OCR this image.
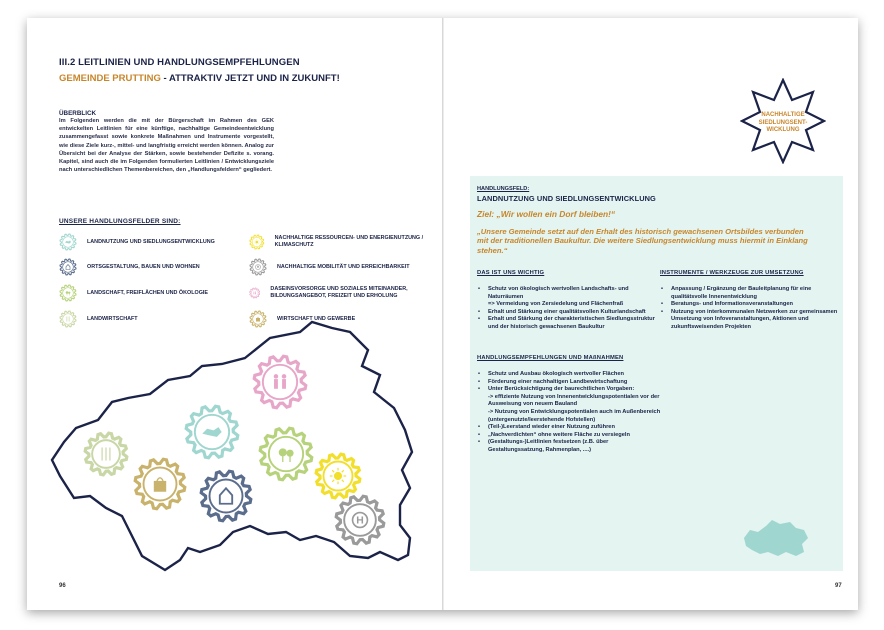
III.2 LEITLINIEN UND HANDLUNGSEMPFEHLUNGEN
GEMEINDE PRUTTING - ATTRAKTIV JETZT UND IN ZUKUNFT!
ÜBERBLICK
Im Folgenden werden die mit der Bürgerschaft im Rahmen des GEK entwickelten Leitlinien für eine künftige, nachhaltige Gemeindeentwicklung zusammengefasst sowie konkrete Maßnahmen und Instrumente vorgestellt, wie diese Ziele kurz-, mittel- und langfristig erreicht werden können. Analog zur Übersicht bei der Analyse der Stärken, sowie bestehender Defizite s. vorang. Kapitel, sind auch die im Folgenden formulierten Leitlinien / Entwicklungsziele nach unterschiedlichen Themenbereichen, den „Handlungsfeldern“ gegliedert.
UNSERE HANDLUNGSFELDER SIND:
LANDNUTZUNG UND SIEDLUNGSENTWICKLUNG
NACHHALTIGE RESSOURCEN- UND ENERGIENUTZUNG / KLIMASCHUTZ
ORTSGESTALTUNG, BAUEN UND WOHNEN	H	NACHHALTIGE MOBILITÄT UND ERREICHBARKEIT
LANDSCHAFT, FREIFLÄCHEN UND ÖKOLOGIE
DASEINSVORSORGE UND SOZIALES MITEINANDER, BILDUNGSANGEBOT, FREIZEIT UND ERHOLUNG
LANDWIRTSCHAFT	WIRTSCHAFT UND GEWERBE
H
96
NACHHALTIGE SIEDLUNGSENT-WICKLUNG
HANDLUNGSFELD:
LANDNUTZUNG UND SIEDLUNGSENTWICKLUNG
Ziel: „Wir wollen ein Dorf bleiben!“
„Unsere Gemeinde setzt auf den Erhalt des historisch gewachsenen Ortsbildes verbunden mit der traditionellen Baukultur. Die weitere Siedlungsentwicklung muss hiermit in Einklang stehen.“
DAS IST UNS WICHTIG
• Schutz von ökologisch wertvollen Landschafts- und Naturräumen
=> Vermeidung von Zersiedelung und Flächenfraß
• Erhalt und Stärkung einer qualitätsvollen Kulturlandschaft
• Erhalt und Stärkung der charakteristischen Siedlungsstruktur und der historisch gewachsenen Baukultur
HANDLUNGSEMPFEHLUNGEN UND MAßNAHMEN
• Schutz und Ausbau ökologisch wertvoller Flächen
• Förderung einer nachhaltigen Landbewirtschaftung
• Unter Berücksichtigung der baurechtlichen Vorgaben:
-> effiziente Nutzung von Innenentwicklungspotentialen vor der Ausweisung von neuem Bauland
-> Nutzung von Entwicklungspotentialen auch im Außenbereich (untergenutzte/leerstehende Hofstellen)
• (Teil-)Leerstand wieder einer Nutzung zuführen
• „Nachverdichten“ ohne weitere Fläche zu versiegeln
• (Gestaltungs-)Leitlinien festsetzen (z.B. über Gestaltungssatzung, Rahmenplan, ....)
INSTRUMENTE / WERKZEUGE ZUR UMSETZUNG
• Anpassung / Ergänzung der Bauleitplanung für eine qualitätsvolle Innenentwicklung
• Beratungs- und Informationsveranstaltungen
• Nutzung von interkommunalen Netzwerken zur gemeinsamen Umsetzung von Infoveranstaltungen, Aktionen und zukunftsweisenden Projekten
97
